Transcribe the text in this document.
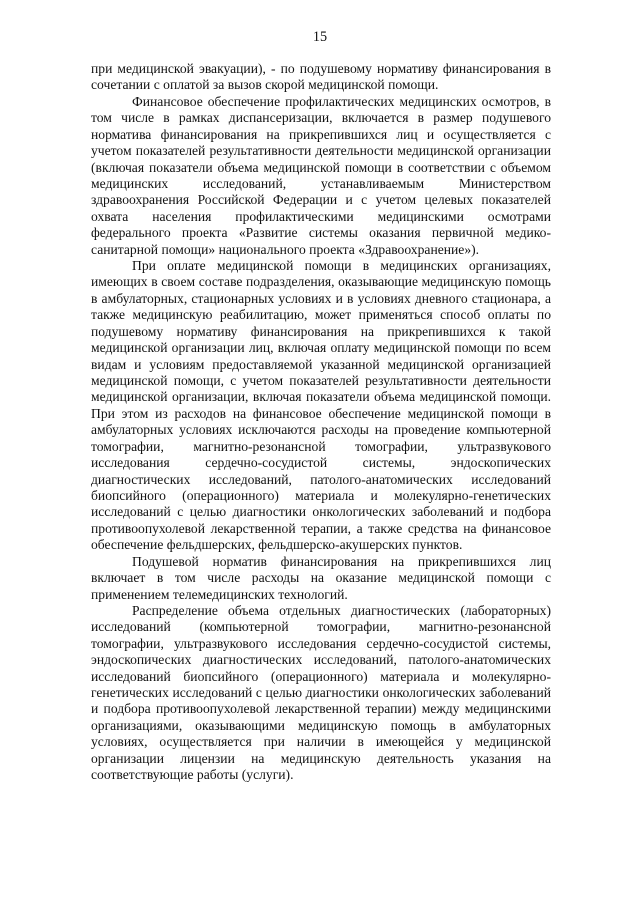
15

при медицинской эвакуации), - по подушевому нормативу финансирования в сочетании с оплатой за вызов скорой медицинской помощи.

Финансовое обеспечение профилактических медицинских осмотров, в том числе в рамках диспансеризации, включается в размер подушевого норматива финансирования на прикрепившихся лиц и осуществляется с учетом показателей результативности деятельности медицинской организации (включая показатели объема медицинской помощи в соответствии с объемом медицинских исследований, устанавливаемым Министерством здравоохранения Российской Федерации и с учетом целевых показателей охвата населения профилактическими медицинскими осмотрами федерального проекта «Развитие системы оказания первичной медико-санитарной помощи» национального проекта «Здравоохранение»).

При оплате медицинской помощи в медицинских организациях, имеющих в своем составе подразделения, оказывающие медицинскую помощь в амбулаторных, стационарных условиях и в условиях дневного стационара, а также медицинскую реабилитацию, может применяться способ оплаты по подушевому нормативу финансирования на прикрепившихся к такой медицинской организации лиц, включая оплату медицинской помощи по всем видам и условиям предоставляемой указанной медицинской организацией медицинской помощи, с учетом показателей результативности деятельности медицинской организации, включая показатели объема медицинской помощи. При этом из расходов на финансовое обеспечение медицинской помощи в амбулаторных условиях исключаются расходы на проведение компьютерной томографии, магнитно-резонансной томографии, ультразвукового исследования сердечно-сосудистой системы, эндоскопических диагностических исследований, патолого-анатомических исследований биопсийного (операционного) материала и молекулярно-генетических исследований с целью диагностики онкологических заболеваний и подбора противоопухолевой лекарственной терапии, а также средства на финансовое обеспечение фельдшерских, фельдшерско-акушерских пунктов.

Подушевой норматив финансирования на прикрепившихся лиц включает в том числе расходы на оказание медицинской помощи с применением телемедицинских технологий.

Распределение объема отдельных диагностических (лабораторных) исследований (компьютерной томографии, магнитно-резонансной томографии, ультразвукового исследования сердечно-сосудистой системы, эндоскопических диагностических исследований, патолого-анатомических исследований биопсийного (операционного) материала и молекулярно-генетических исследований с целью диагностики онкологических заболеваний и подбора противоопухолевой лекарственной терапии) между медицинскими организациями, оказывающими медицинскую помощь в амбулаторных условиях, осуществляется при наличии в имеющейся у медицинской организации лицензии на медицинскую деятельность указания на соответствующие работы (услуги).
